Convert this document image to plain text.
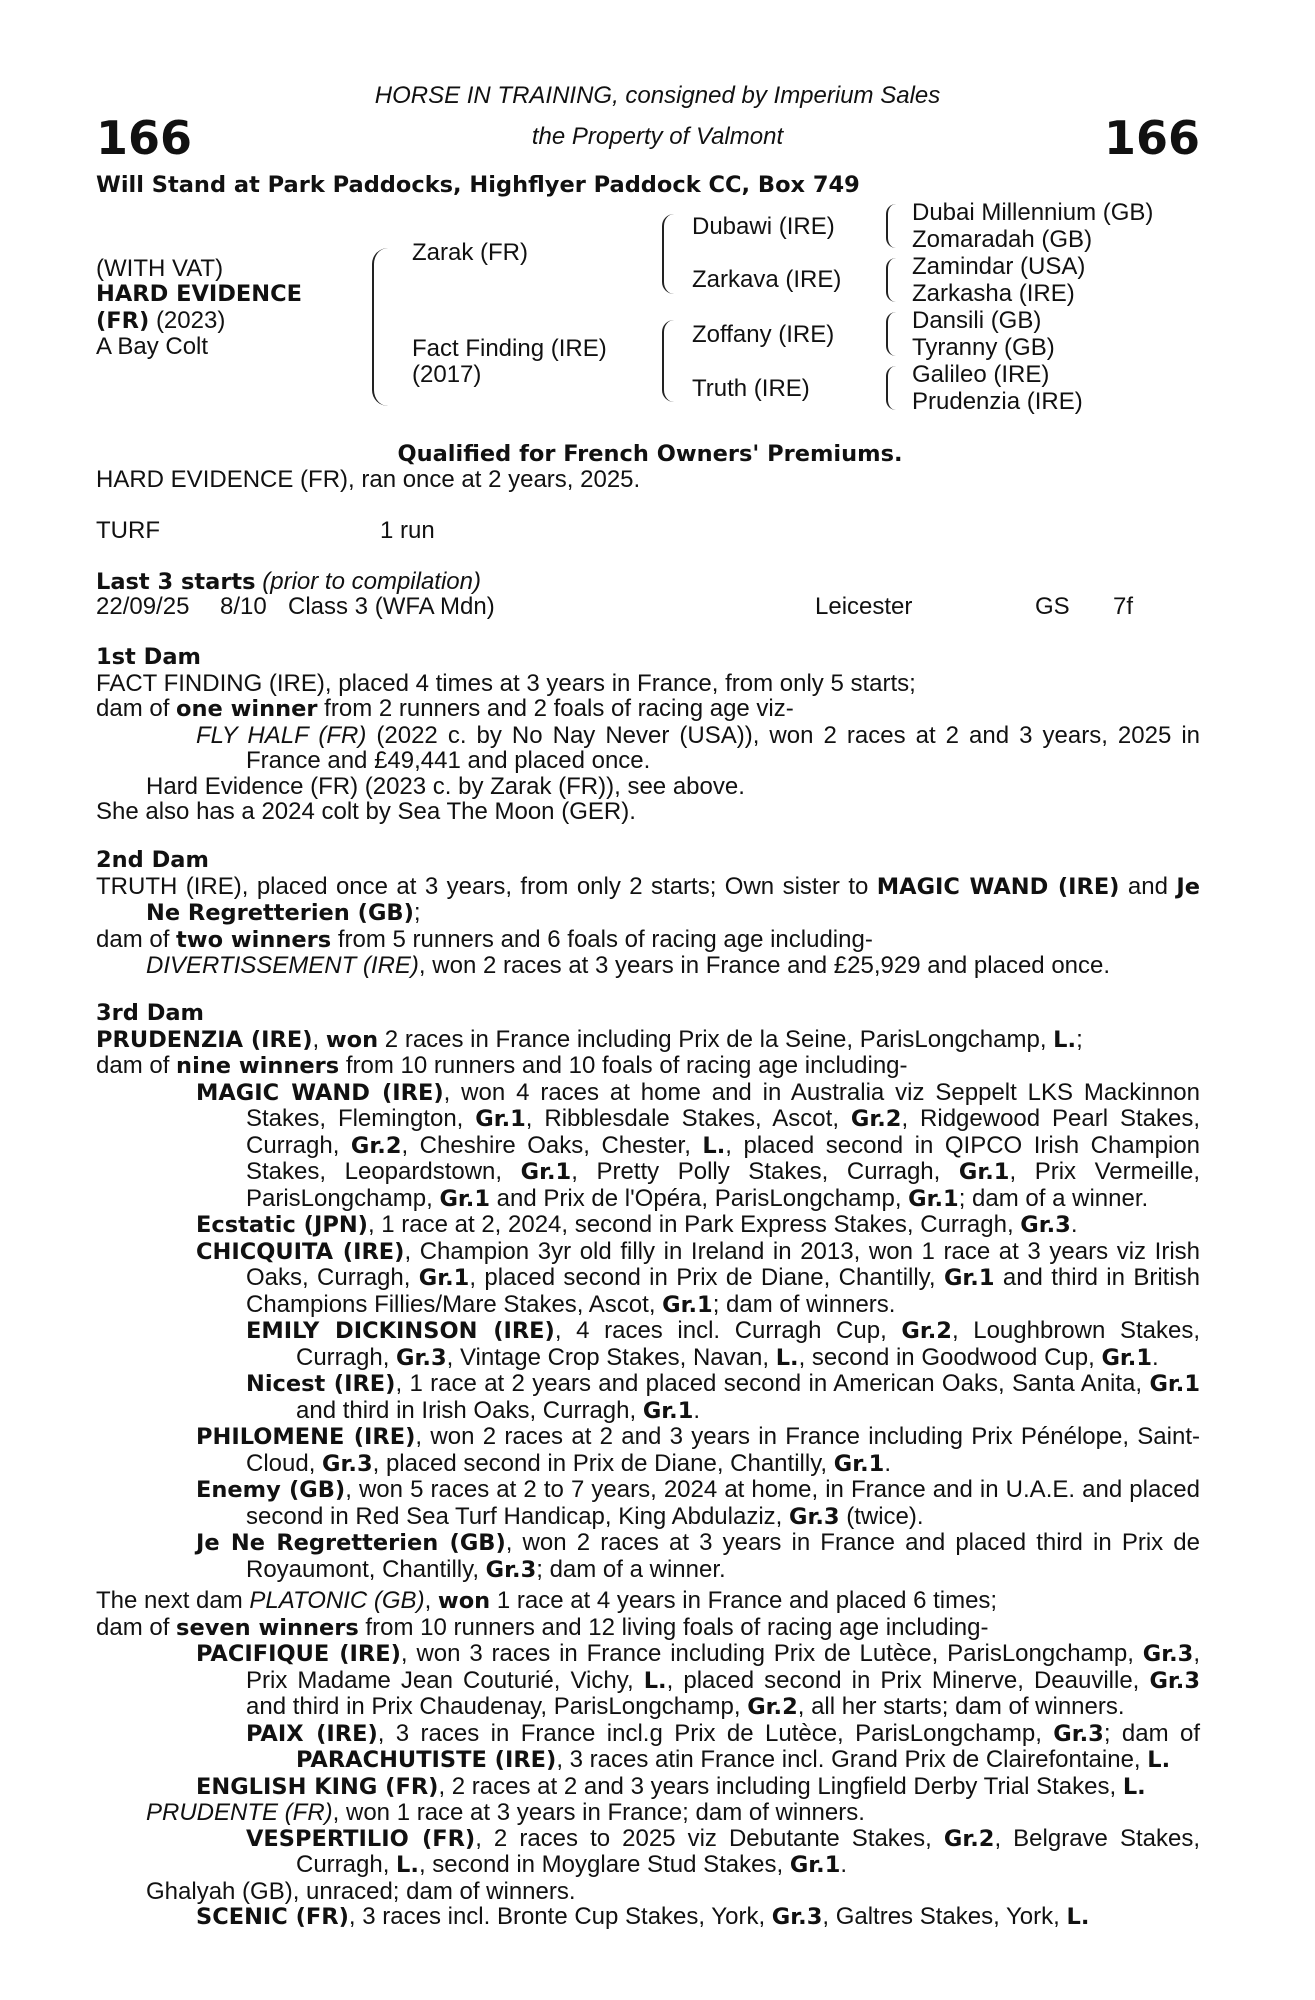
166	166
HORSE IN TRAINING, consigned by Imperium Sales
the Property of Valmont
Will Stand at Park Paddocks, Highflyer Paddock CC, Box 749
(WITH VAT)
HARD EVIDENCE
(FR) (2023)
A Bay Colt
Zarak (FR)
Fact Finding (IRE)
(2017)
Dubawi (IRE)
Zarkava (IRE)
Zoffany (IRE)
Truth (IRE)
Dubai Millennium (GB)
Zomaradah (GB)
Zamindar (USA)
Zarkasha (IRE)
Dansili (GB)
Tyranny (GB)
Galileo (IRE)
Prudenzia (IRE)
Qualified for French Owners' Premiums.
HARD EVIDENCE (FR), ran once at 2 years, 2025.
TURF	1 run
Last 3 starts (prior to compilation)
22/09/25 8/10 Class 3 (WFA Mdn)	Leicester	GS 7f

1st Dam

FACT FINDING (IRE), placed 4 times at 3 years in France, from only 5 starts;

dam of one winner from 2 runners and 2 foals of racing age viz-

FLY HALF (FR) (2022 c. by No Nay Never (USA)), won 2 races at 2 and 3 years, 2025 in France and £49,441 and placed once.

Hard Evidence (FR) (2023 c. by Zarak (FR)), see above.

She also has a 2024 colt by Sea The Moon (GER).

2nd Dam

TRUTH (IRE), placed once at 3 years, from only 2 starts; Own sister to MAGIC WAND (IRE) and Je Ne Regretterien (GB);

dam of two winners from 5 runners and 6 foals of racing age including-

DIVERTISSEMENT (IRE), won 2 races at 3 years in France and £25,929 and placed once.

3rd Dam

PRUDENZIA (IRE), won 2 races in France including Prix de la Seine, ParisLongchamp, L.;

dam of nine winners from 10 runners and 10 foals of racing age including-

MAGIC WAND (IRE), won 4 races at home and in Australia viz Seppelt LKS Mackinnon Stakes, Flemington, Gr.1, Ribblesdale Stakes, Ascot, Gr.2, Ridgewood Pearl Stakes, Curragh, Gr.2, Cheshire Oaks, Chester, L., placed second in QIPCO Irish Champion Stakes, Leopardstown, Gr.1, Pretty Polly Stakes, Curragh, Gr.1, Prix Vermeille, ParisLongchamp, Gr.1 and Prix de l'Opéra, ParisLongchamp, Gr.1; dam of a winner.

Ecstatic (JPN), 1 race at 2, 2024, second in Park Express Stakes, Curragh, Gr.3.

CHICQUITA (IRE), Champion 3yr old filly in Ireland in 2013, won 1 race at 3 years viz Irish Oaks, Curragh, Gr.1, placed second in Prix de Diane, Chantilly, Gr.1 and third in British Champions Fillies/Mare Stakes, Ascot, Gr.1; dam of winners.

EMILY DICKINSON (IRE), 4 races incl. Curragh Cup, Gr.2, Loughbrown Stakes, Curragh, Gr.3, Vintage Crop Stakes, Navan, L., second in Goodwood Cup, Gr.1.

Nicest (IRE), 1 race at 2 years and placed second in American Oaks, Santa Anita, Gr.1 and third in Irish Oaks, Curragh, Gr.1.

PHILOMENE (IRE), won 2 races at 2 and 3 years in France including Prix Pénélope, Saint-Cloud, Gr.3, placed second in Prix de Diane, Chantilly, Gr.1.

Enemy (GB), won 5 races at 2 to 7 years, 2024 at home, in France and in U.A.E. and placed second in Red Sea Turf Handicap, King Abdulaziz, Gr.3 (twice).

Je Ne Regretterien (GB), won 2 races at 3 years in France and placed third in Prix de Royaumont, Chantilly, Gr.3; dam of a winner.

The next dam PLATONIC (GB), won 1 race at 4 years in France and placed 6 times;

dam of seven winners from 10 runners and 12 living foals of racing age including-

PACIFIQUE (IRE), won 3 races in France including Prix de Lutèce, ParisLongchamp, Gr.3, Prix Madame Jean Couturié, Vichy, L., placed second in Prix Minerve, Deauville, Gr.3 and third in Prix Chaudenay, ParisLongchamp, Gr.2, all her starts; dam of winners.

PAIX (IRE), 3 races in France incl.g Prix de Lutèce, ParisLongchamp, Gr.3; dam of PARACHUTISTE (IRE), 3 races atin France incl. Grand Prix de Clairefontaine, L.

ENGLISH KING (FR), 2 races at 2 and 3 years including Lingfield Derby Trial Stakes, L.

PRUDENTE (FR), won 1 race at 3 years in France; dam of winners.

VESPERTILIO (FR), 2 races to 2025 viz Debutante Stakes, Gr.2, Belgrave Stakes, Curragh, L., second in Moyglare Stud Stakes, Gr.1.

Ghalyah (GB), unraced; dam of winners.

SCENIC (FR), 3 races incl. Bronte Cup Stakes, York, Gr.3, Galtres Stakes, York, L.
